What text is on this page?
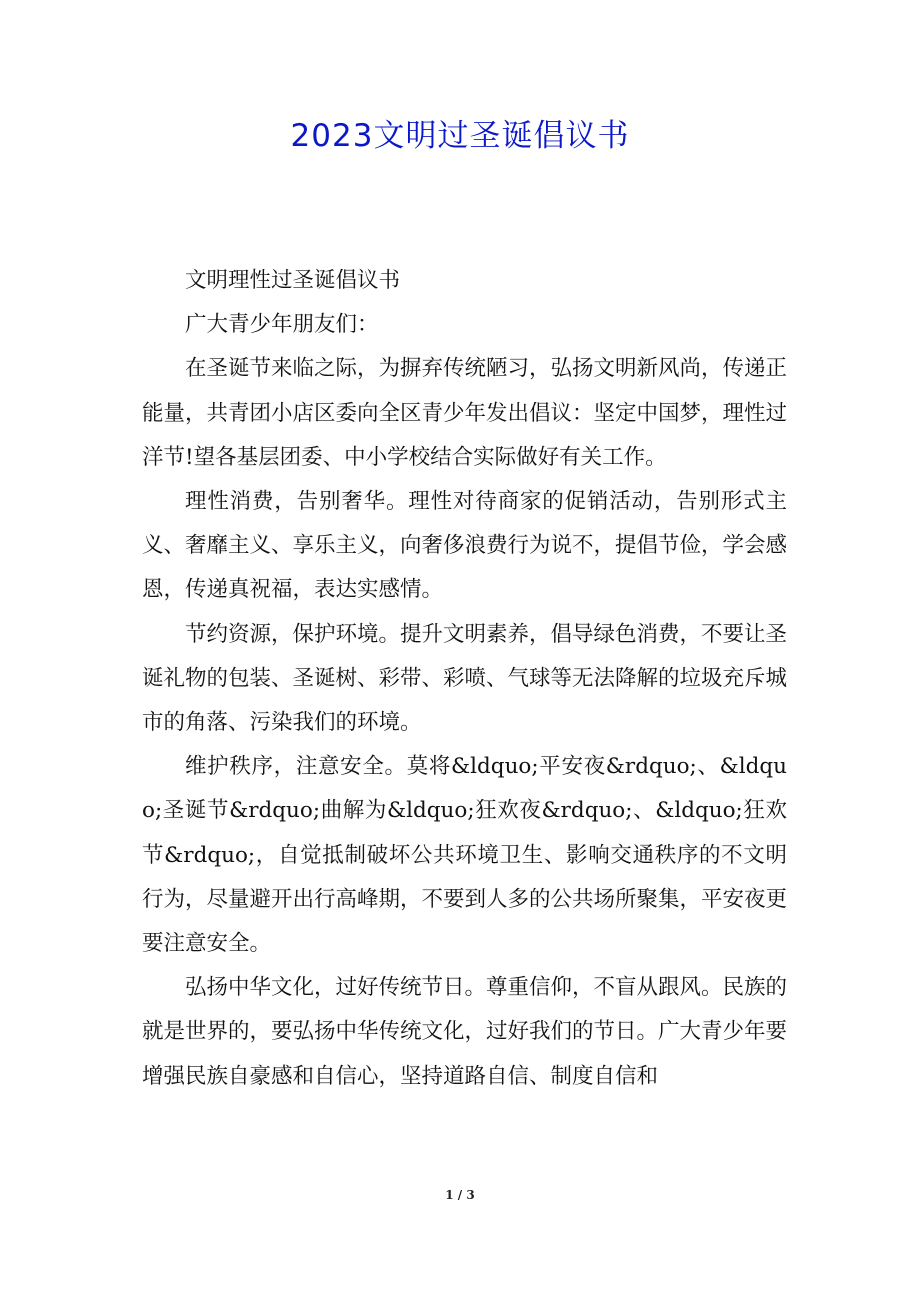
2023文明过圣诞倡议书

文明理性过圣诞倡议书

广大青少年朋友们：

在圣诞节来临之际，为摒弃传统陋习，弘扬文明新风尚，传递正能量，共青团小店区委向全区青少年发出倡议：坚定中国梦，理性过洋节!望各基层团委、中小学校结合实际做好有关工作。

理性消费，告别奢华。理性对待商家的促销活动，告别形式主义、奢靡主义、享乐主义，向奢侈浪费行为说不，提倡节俭，学会感恩，传递真祝福，表达实感情。

节约资源，保护环境。提升文明素养，倡导绿色消费，不要让圣诞礼物的包装、圣诞树、彩带、彩喷、气球等无法降解的垃圾充斥城市的角落、污染我们的环境。

维护秩序，注意安全。莫将&ldquo;平安夜&rdquo;、&ldquo;圣诞节&rdquo;曲解为&ldquo;狂欢夜&rdquo;、&ldquo;狂欢节&rdquo;，自觉抵制破坏公共环境卫生、影响交通秩序的不文明行为，尽量避开出行高峰期，不要到人多的公共场所聚集，平安夜更要注意安全。

弘扬中华文化，过好传统节日。尊重信仰，不盲从跟风。民族的就是世界的，要弘扬中华传统文化，过好我们的节日。广大青少年要增强民族自豪感和自信心，坚持道路自信、制度自信和

1 / 3
